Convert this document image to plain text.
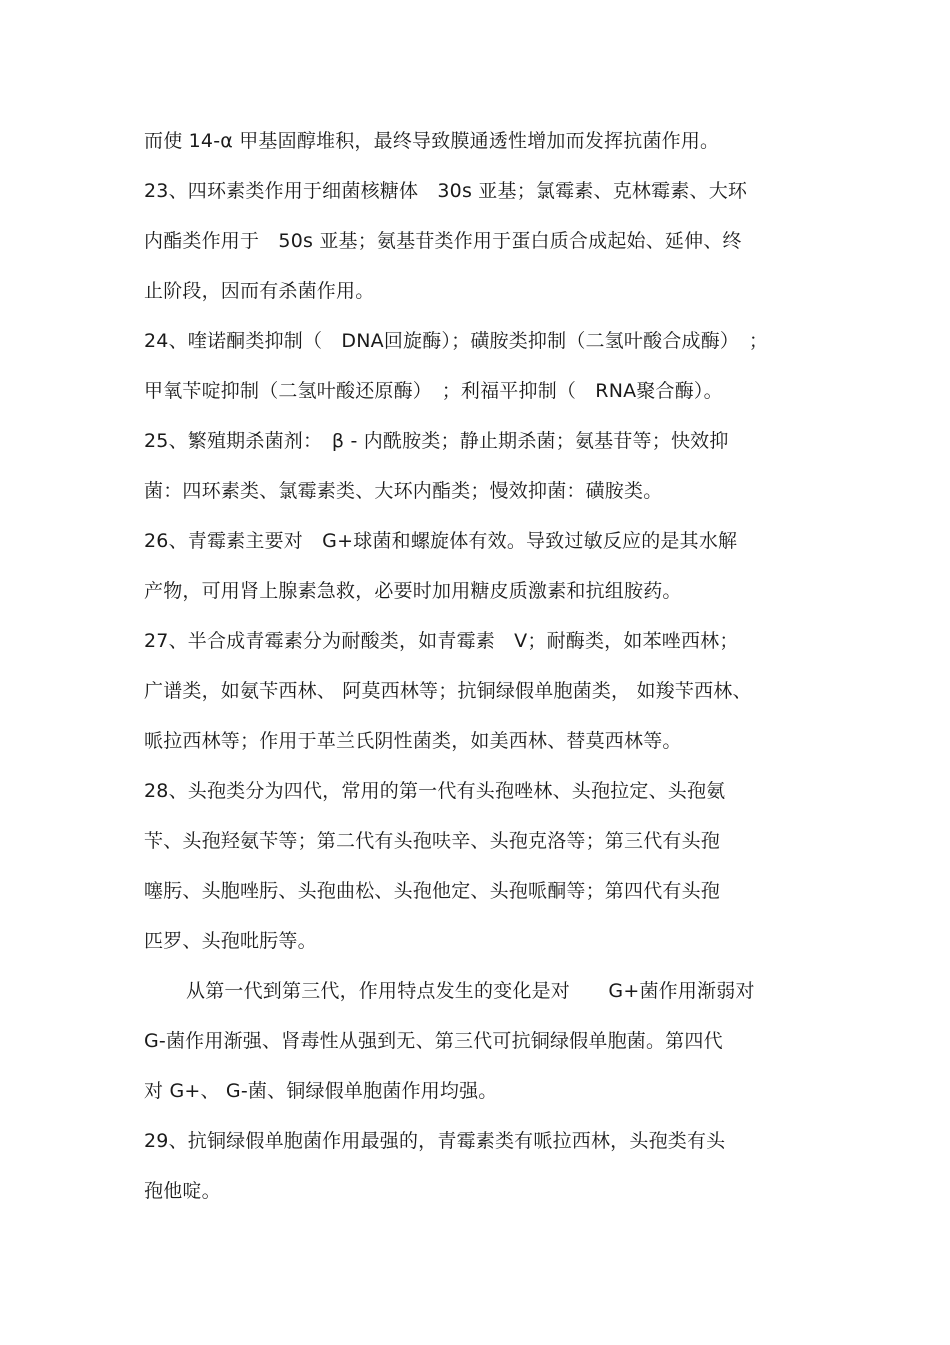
而使 14-α 甲基固醇堆积，最终导致膜通透性增加而发挥抗菌作用。
23、四环素类作用于细菌核糖体　30s 亚基；氯霉素、克林霉素、大环
内酯类作用于　50s 亚基；氨基苷类作用于蛋白质合成起始、延伸、终
止阶段，因而有杀菌作用。
24、喹诺酮类抑制（　DNA回旋酶）；磺胺类抑制（二氢叶酸合成酶）　；
甲氧苄啶抑制（二氢叶酸还原酶）　；利福平抑制（　RNA聚合酶）。
25、繁殖期杀菌剂：　β - 内酰胺类；静止期杀菌；氨基苷等；快效抑
菌：四环素类、氯霉素类、大环内酯类；慢效抑菌：磺胺类。
26、青霉素主要对　G+球菌和螺旋体有效。导致过敏反应的是其水解
产物，可用肾上腺素急救，必要时加用糖皮质激素和抗组胺药。
27、半合成青霉素分为耐酸类，如青霉素　V；耐酶类，如苯唑西林；
广谱类，如氨苄西林、 阿莫西林等；抗铜绿假单胞菌类， 如羧苄西林、
哌拉西林等；作用于革兰氏阴性菌类，如美西林、替莫西林等。
28、头孢类分为四代，常用的第一代有头孢唑林、头孢拉定、头孢氨
苄、头孢羟氨苄等；第二代有头孢呋辛、头孢克洛等；第三代有头孢
噻肟、头胞唑肟、头孢曲松、头孢他定、头孢哌酮等；第四代有头孢
匹罗、头孢吡肟等。
从第一代到第三代，作用特点发生的变化是对　　G+菌作用渐弱对
G-菌作用渐强、肾毒性从强到无、第三代可抗铜绿假单胞菌。第四代
对 G+、 G-菌、铜绿假单胞菌作用均强。
29、抗铜绿假单胞菌作用最强的，青霉素类有哌拉西林，头孢类有头
孢他啶。
